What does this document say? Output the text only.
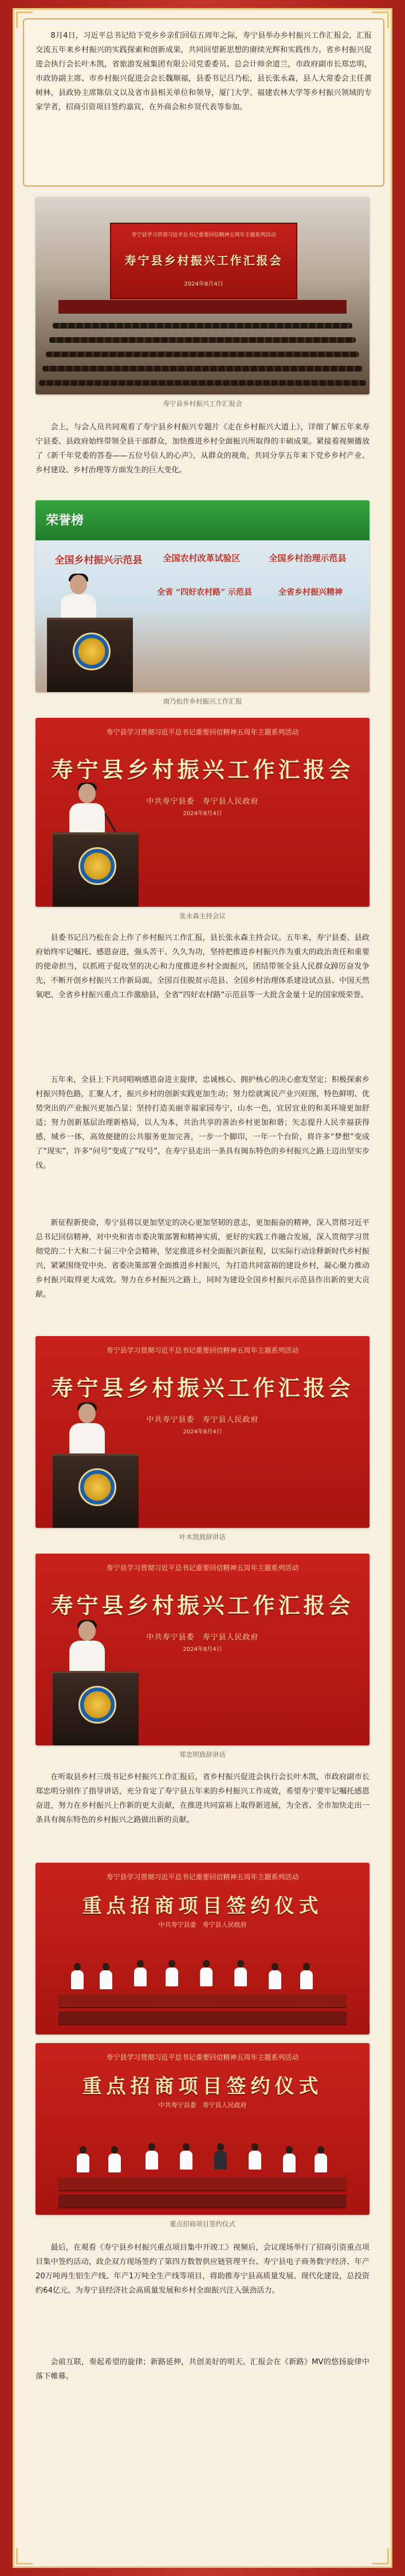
8月4日，习近平总书记给下党乡乡亲们回信五周年之际，寿宁县举办乡村振兴工作汇报会，汇报交流五年来乡村振兴的实践探索和创新成果，共同回望新思想的赓续光辉和实践伟力。省乡村振兴促进会执行会长叶木凯，省旅游发展集团有限公司党委委员、总会计师余道兰，市政府副市长郑忠明，市政协副主席、市乡村振兴促进会会长魏顺福，县委书记吕乃松，县长张永森，县人大常委会主任黄树林，县政协主席陈信文以及省市县相关单位和领导，厦门大学、福建农林大学等乡村振兴领域的专家学者，招商引资项目签约嘉宾，在外商会和乡贤代表等参加。

寿宁县学习贯彻习近平总书记重要回信精神五周年主题系列活动
寿宁县乡村振兴工作汇报会
2024年8月4日
寿宁县乡村振兴工作汇报会

会上，与会人员共同观看了寿宁县乡村振兴专题片《走在乡村振兴大道上》，详细了解五年来寿宁县委、县政府始终带领全县干部群众，加快推进乡村全面振兴所取得的丰硕成果。紧接着视频播放了《新千年党委的答卷——五位号信人的心声》，从群众的视角，共同分享五年来下党乡乡村产业、乡村建设、乡村治理等方面发生的巨大变化。

荣誉榜
全国乡村振兴示范县	全国农村改革试验区	全国乡村治理示范县
全省 “四好农村路” 示范县	全省乡村振兴精神
南乃松作乡村振兴工作汇报
寿宁县学习贯彻习近平总书记重要回信精神五周年主题系列活动
寿宁县乡村振兴工作汇报会
中共寿宁县委　寿宁县人民政府
2024年8月4日
张永森主持会议

县委书记吕乃松在会上作了乡村振兴工作汇报，县长张永森主持会议。五年来，寿宁县委、县政府始终牢记嘱托、感恩奋进，强头苦干、久久为功，坚持把推进乡村振兴作为重大的政治责任和重要的使命担当，以抓班子促攻坚的决心和力度推进乡村全面振兴，团结带领全县人民群众踔厉奋发争先，不断开创乡村振兴工作新局面。全国百佳脱贫示范县、全国乡村治理体系建设试点县、中国天然氧吧、全省乡村振兴重点工作激励县，全省“四好农村路”示范县等一大批含金量十足的国家级荣誉。

五年来，全县上下共同唱响感恩奋进主旋律，忠诚核心、拥护核心的决心愈发坚定；积极探索乡村振兴特色路，汇聚人才，振兴乡村的创新实践更加生动；努力绘就寓民产业兴旺图，特色鲜明、优势突出的产业振兴更加凸显；坚持打造美丽幸福家园寿宁，山水一色，宜居宜业的和美环境更加舒适；努力创新基层治理新格局，以人为本，共治共享的善治乡村更加和谐；矢志提升人民幸福获得感，城乡一体，高效便捷的公共服务更加完善，一步一个脚印，一年一个台阶，将许多“梦想”变成了“现实”，许多“问号”变成了“叹号”，在寿宁县走出一条具有闽东特色的乡村振兴之路上迈出坚实步伐。

新征程新使命，寿宁县将以更加坚定的决心更加坚韧的意志，更加振奋的精神，深入贯彻习近平总书记回信精神，对中央和省市委决策部署和精神实质，更好的实践工作融合发展，深入贯彻学习贯彻党的二十大和二十届三中全会精神，坚定推进乡村全面振兴新征程，以实际行动诠释新时代乡村振兴，紧紧围绕党中央、省委决策部署全面推进乡村振兴，为打造共同富裕的建设乡村，凝心聚力推动乡村振兴取得更大成效。努力在乡村振兴之路上，同时为建设全国乡村振兴示范县作出新的更大贡献。

寿宁县学习贯彻习近平总书记重要回信精神五周年主题系列活动
寿宁县乡村振兴工作汇报会
中共寿宁县委　寿宁县人民政府
2024年8月4日
叶木凯致辞讲话
寿宁县学习贯彻习近平总书记重要回信精神五周年主题系列活动
寿宁县乡村振兴工作汇报会
中共寿宁县委　寿宁县人民政府
2024年8月4日
郑忠明致辞讲话

在听取县乡村三级书记乡村振兴工作汇报后，省乡村振兴促进会执行会长叶木凯，市政府副市长郑忠明分别作了指导讲话，充分肯定了寿宁县五年来的乡村振兴工作成效，希望寿宁要牢记嘱托感恩奋进，努力在乡村振兴上作新的更大贡献，在推进共同富裕上取得新进展，为全省、全市加快走出一条具有闽东特色的乡村振兴之路做出新的贡献。

寿宁县学习贯彻习近平总书记重要回信精神五周年主题系列活动
重点招商项目签约仪式
中共寿宁县委　寿宁县人民政府
寿宁县学习贯彻习近平总书记重要回信精神五周年主题系列活动
重点招商项目签约仪式
中共寿宁县委　寿宁县人民政府
重点招商项目签约仪式

最后，在观看《寿宁县乡村振兴重点项目集中开竣工》视频后，会议现场举行了招商引资重点项目集中签约活动，政企双方现场签约了第四方数智供应链管理平台、寿宁县电子商务数字经济、年产20万吨再生铝生产线、年产1万吨全生产线等项目，将助推寿宁县高质量发展、现代化建设，总投资约64亿元，为寿宁县经济社会高质量发展和乡村全面振兴注入强劲活力。

会前互联，奏起希望的旋律；新路延伸，共创美好的明天。汇报会在《新路》MV的悠扬旋律中落下帷幕。
